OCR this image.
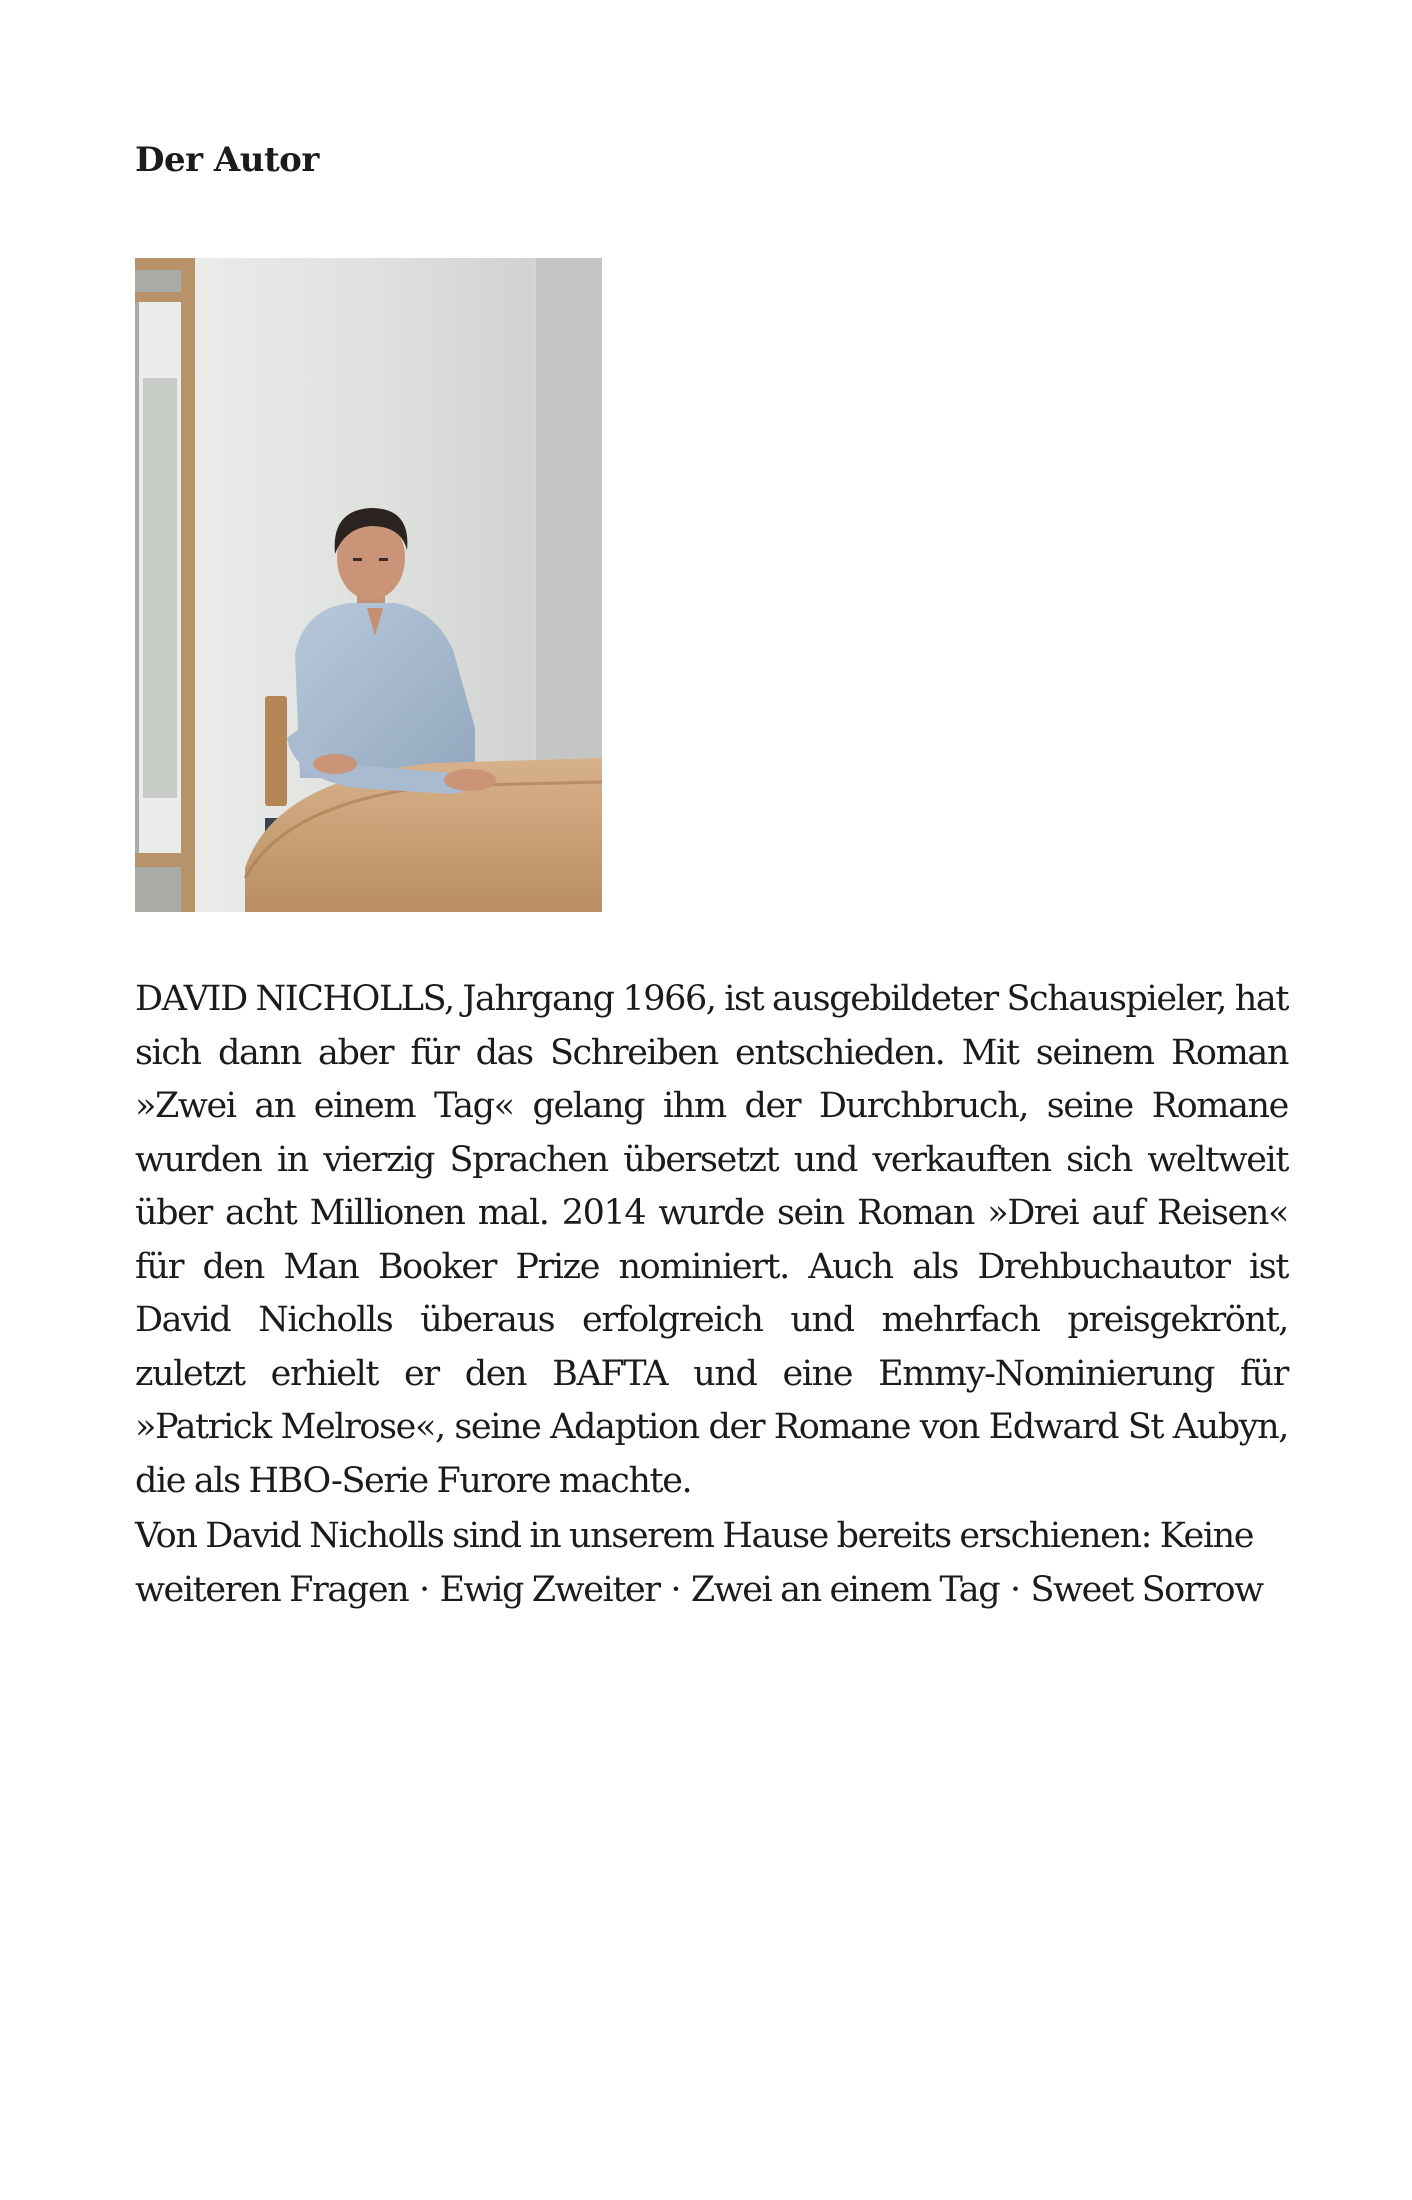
Der Autor

DAVID NICHOLLS, Jahrgang 1966, ist ausgebildeter Schauspieler, hat sich dann aber für das Schreiben entschieden. Mit seinem Roman »Zwei an einem Tag« gelang ihm der Durchbruch, seine Romane wurden in vierzig Sprachen übersetzt und verkauften sich weltweit über acht Millionen mal. 2014 wurde sein Roman »Drei auf Reisen« für den Man Booker Prize nominiert. Auch als Drehbuchautor ist David Nicholls überaus erfolgreich und mehrfach preisgekrönt, zuletzt erhielt er den BAFTA und eine Emmy-Nominierung für »Patrick Melrose«, seine Adaption der Romane von Edward St Aubyn, die als HBO-Serie Furore machte.

Von David Nicholls sind in unserem Hause bereits erschienen: Keine
weiteren Fragen · Ewig Zweiter · Zwei an einem Tag · Sweet Sorrow
